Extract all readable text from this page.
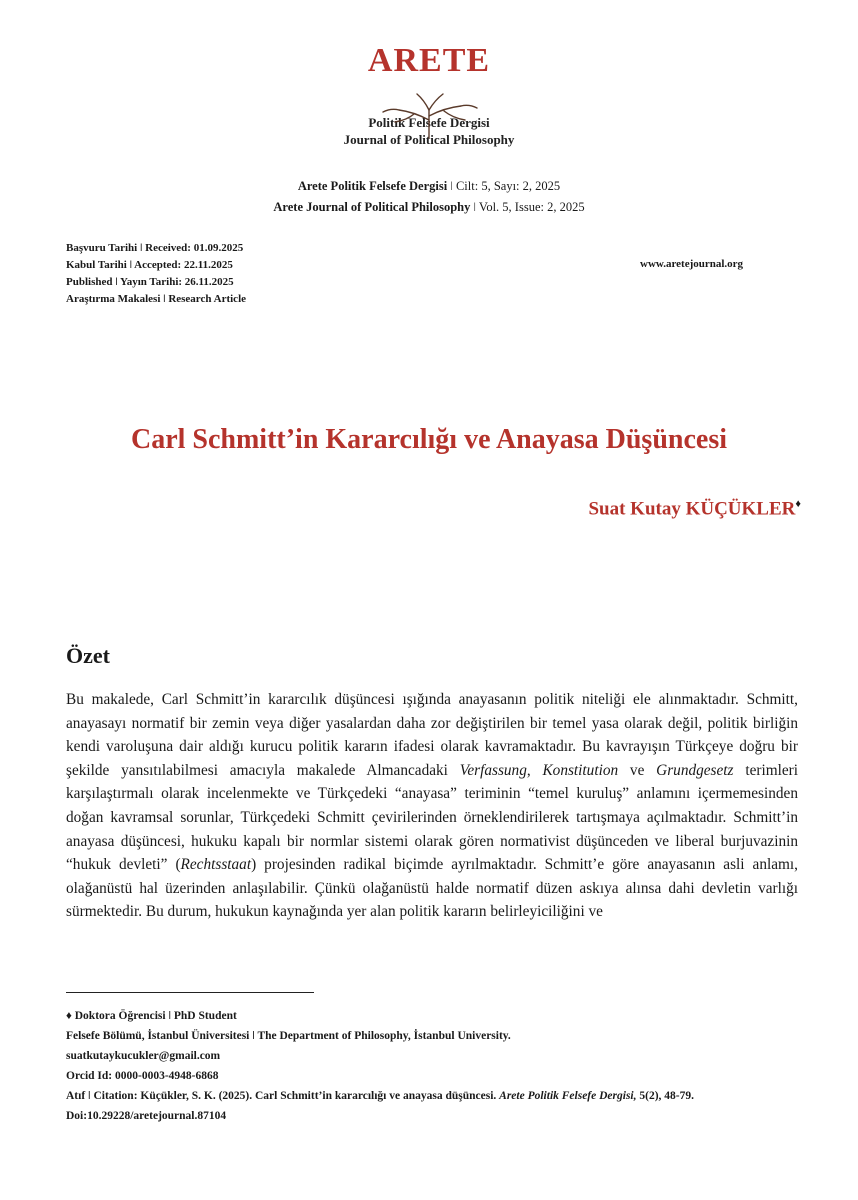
ARETE
Politik Felsefe Dergisi
Journal of Political Philosophy
Arete Politik Felsefe Dergisi ǀ Cilt: 5, Sayı: 2, 2025
Arete Journal of Political Philosophy ǀ Vol. 5, Issue: 2, 2025
Başvuru Tarihi ǀ Received: 01.09.2025
Kabul Tarihi ǀ Accepted: 22.11.2025
Published ǀ Yayın Tarihi: 26.11.2025
Araştırma Makalesi ǀ Research Article
www.aretejournal.org
Carl Schmitt’in Kararcılığı ve Anayasa Düşüncesi
Suat Kutay KÜÇÜKLER♦
Özet
Bu makalede, Carl Schmitt’in kararcılık düşüncesi ışığında anayasanın politik niteliği ele alınmaktadır. Schmitt, anayasayı normatif bir zemin veya diğer yasalardan daha zor değiştirilen bir temel yasa olarak değil, politik birliğin kendi varoluşuna dair aldığı kurucu politik kararın ifadesi olarak kavramaktadır. Bu kavrayışın Türkçeye doğru bir şekilde yansıtılabilmesi amacıyla makalede Almancadaki Verfassung, Konstitution ve Grundgesetz terimleri karşılaştırmalı olarak incelenmekte ve Türkçedeki “anayasa” teriminin “temel kuruluş” anlamını içermemesinden doğan kavramsal sorunlar, Türkçedeki Schmitt çevirilerinden örneklendirilerek tartışmaya açılmaktadır. Schmitt’in anayasa düşüncesi, hukuku kapalı bir normlar sistemi olarak gören normativist düşünceden ve liberal burjuvazinin “hukuk devleti” (Rechtsstaat) projesinden radikal biçimde ayrılmaktadır. Schmitt’e göre anayasanın asli anlamı, olağanüstü hal üzerinden anlaşılabilir. Çünkü olağanüstü halde normatif düzen askıya alınsa dahi devletin varlığı sürmektedir. Bu durum, hukukun kaynağında yer alan politik kararın belirleyiciliğini ve
♦ Doktora Öğrencisi ǀ PhD Student
Felsefe Bölümü, İstanbul Üniversitesi ǀ The Department of Philosophy, İstanbul University.
suatkutaykucukler@gmail.com
Orcid Id: 0000-0003-4948-6868
Atıf ǀ Citation: Küçükler, S. K. (2025). Carl Schmitt’in kararcılığı ve anayasa düşüncesi. Arete Politik Felsefe Dergisi, 5(2), 48-79. Doi:10.29228/aretejournal.87104
